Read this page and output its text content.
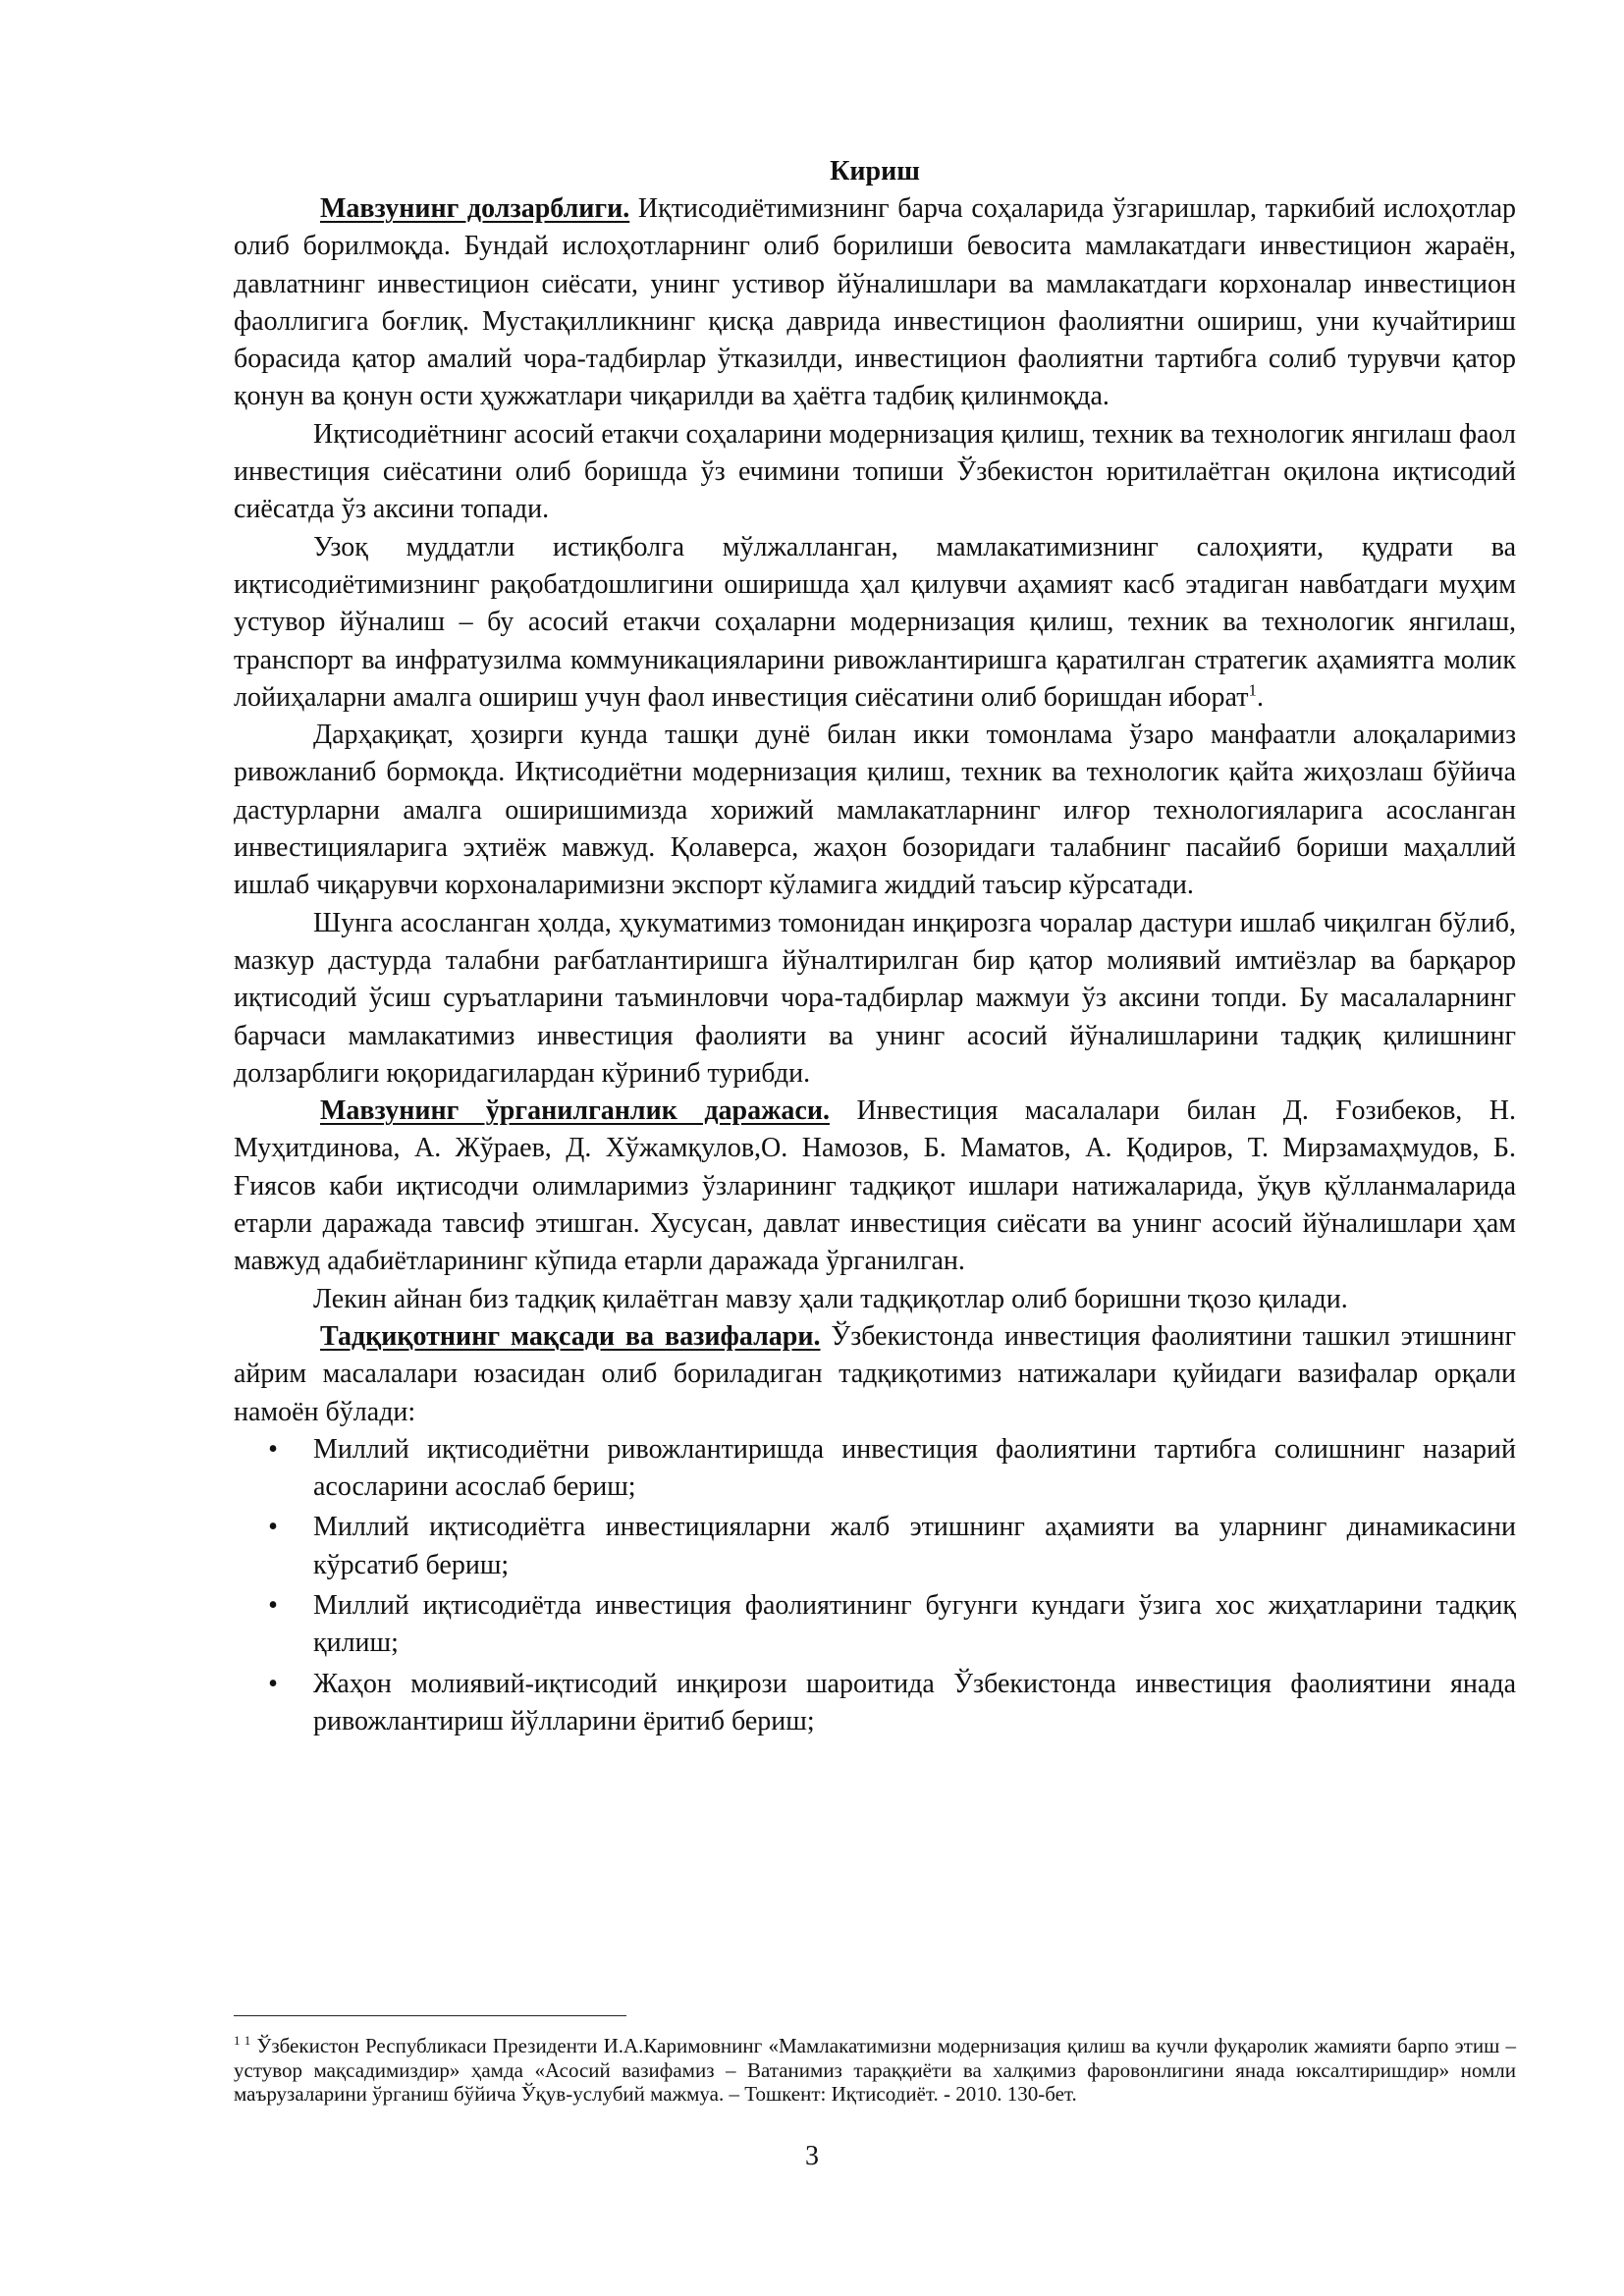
Кириш

Мавзунинг долзарблиги. Иқтисодиётимизнинг барча соҳаларида ўзгаришлар, таркибий ислоҳотлар олиб борилмоқда. Бундай ислоҳотларнинг олиб борилиши бевосита мамлакатдаги инвестицион жараён, давлатнинг инвестицион сиёсати, унинг устивор йўналишлари ва мамлакатдаги корхоналар инвестицион фаоллигига боғлиқ. Мустақилликнинг қисқа даврида инвестицион фаолиятни ошириш, уни кучайтириш борасида қатор амалий чора-тадбирлар ўтказилди, инвестицион фаолиятни тартибга солиб турувчи қатор қонун ва қонун ости ҳужжатлари чиқарилди ва ҳаётга тадбиқ қилинмоқда.

Иқтисодиётнинг асосий етакчи соҳаларини модернизация қилиш, техник ва технологик янгилаш фаол инвестиция сиёсатини олиб боришда ўз ечимини топиши Ўзбекистон юритилаётган оқилона иқтисодий сиёсатда ўз аксини топади.

Узоқ муддатли истиқболга мўлжалланган, мамлакатимизнинг салоҳияти, қудрати ва иқтисодиётимизнинг рақобатдошлигини оширишда ҳал қилувчи аҳамият касб этадиган навбатдаги муҳим устувор йўналиш – бу асосий етакчи соҳаларни модернизация қилиш, техник ва технологик янгилаш, транспорт ва инфратузилма коммуникацияларини ривожлантиришга қаратилган стратегик аҳамиятга молик лойиҳаларни амалга ошириш учун фаол инвестиция сиёсатини олиб боришдан иборат$^1$.

Дарҳақиқат, ҳозирги кунда ташқи дунё билан икки томонлама ўзаро манфаатли алоқаларимиз ривожланиб бормоқда. Иқтисодиётни модернизация қилиш, техник ва технологик қайта жиҳозлаш бўйича дастурларни амалга оширишимизда хорижий мамлакатларнинг илғор технологияларига асосланган инвестицияларига эҳтиёж мавжуд. Қолаверса, жаҳон бозоридаги талабнинг пасайиб бориши маҳаллий ишлаб чиқарувчи корхоналаримизни экспорт кўламига жиддий таъсир кўрсатади.

Шунга асосланган ҳолда, ҳукуматимиз томонидан инқирозга чоралар дастури ишлаб чиқилган бўлиб, мазкур дастурда талабни рағбатлантиришга йўналтирилган бир қатор молиявий имтиёзлар ва барқарор иқтисодий ўсиш суръатларини таъминловчи чора-тадбирлар мажмуи ўз аксини топди. Бу масалаларнинг барчаси мамлакатимиз инвестиция фаолияти ва унинг асосий йўналишларини тадқиқ қилишнинг долзарблиги юқоридагилардан кўриниб турибди.

Мавзунинг ўрганилганлик даражаси. Инвестиция масалалари билан Д. Ғозибеков, Н. Муҳитдинова, А. Жўраев, Д. Хўжамқулов,О. Намозов, Б. Маматов, А. Қодиров, Т. Мирзамаҳмудов, Б. Ғиясов каби иқтисодчи олимларимиз ўзларининг тадқиқот ишлари натижаларида, ўқув қўлланмаларида етарли даражада тавсиф этишган. Хусусан, давлат инвестиция сиёсати ва унинг асосий йўналишлари ҳам мавжуд адабиётларининг кўпида етарли даражада ўрганилган.

Лекин айнан биз тадқиқ қилаётган мавзу ҳали тадқиқотлар олиб боришни тқозо қилади.

Тадқиқотнинг мақсади ва вазифалари. Ўзбекистонда инвестиция фаолиятини ташкил этишнинг айрим масалалари юзасидан олиб бориладиган тадқиқотимиз натижалари қуйидаги вазифалар орқали намоён бўлади:

• Миллий иқтисодиётни ривожлантиришда инвестиция фаолиятини тартибга солишнинг назарий асосларини асослаб бериш;
• Миллий иқтисодиётга инвестицияларни жалб этишнинг аҳамияти ва уларнинг динамикасини кўрсатиб бериш;
• Миллий иқтисодиётда инвестиция фаолиятининг бугунги кундаги ўзига хос жиҳатларини тадқиқ қилиш;
• Жаҳон молиявий-иқтисодий инқирози шароитида Ўзбекистонда инвестиция фаолиятини янада ривожлантириш йўлларини ёритиб бериш;

$^{1 1}$ Ўзбекистон Республикаси Президенти И.А.Каримовнинг «Мамлакатимизни модернизация қилиш ва кучли фуқаролик жамияти барпо этиш – устувор мақсадимиздир» ҳамда «Асосий вазифамиз – Ватанимиз тараққиёти ва халқимиз фаровонлигини янада юксалтиришдир» номли маърузаларини ўрганиш бўйича Ўқув-услубий мажмуа. – Тошкент: Иқтисодиёт. - 2010. 130-бет.

3
